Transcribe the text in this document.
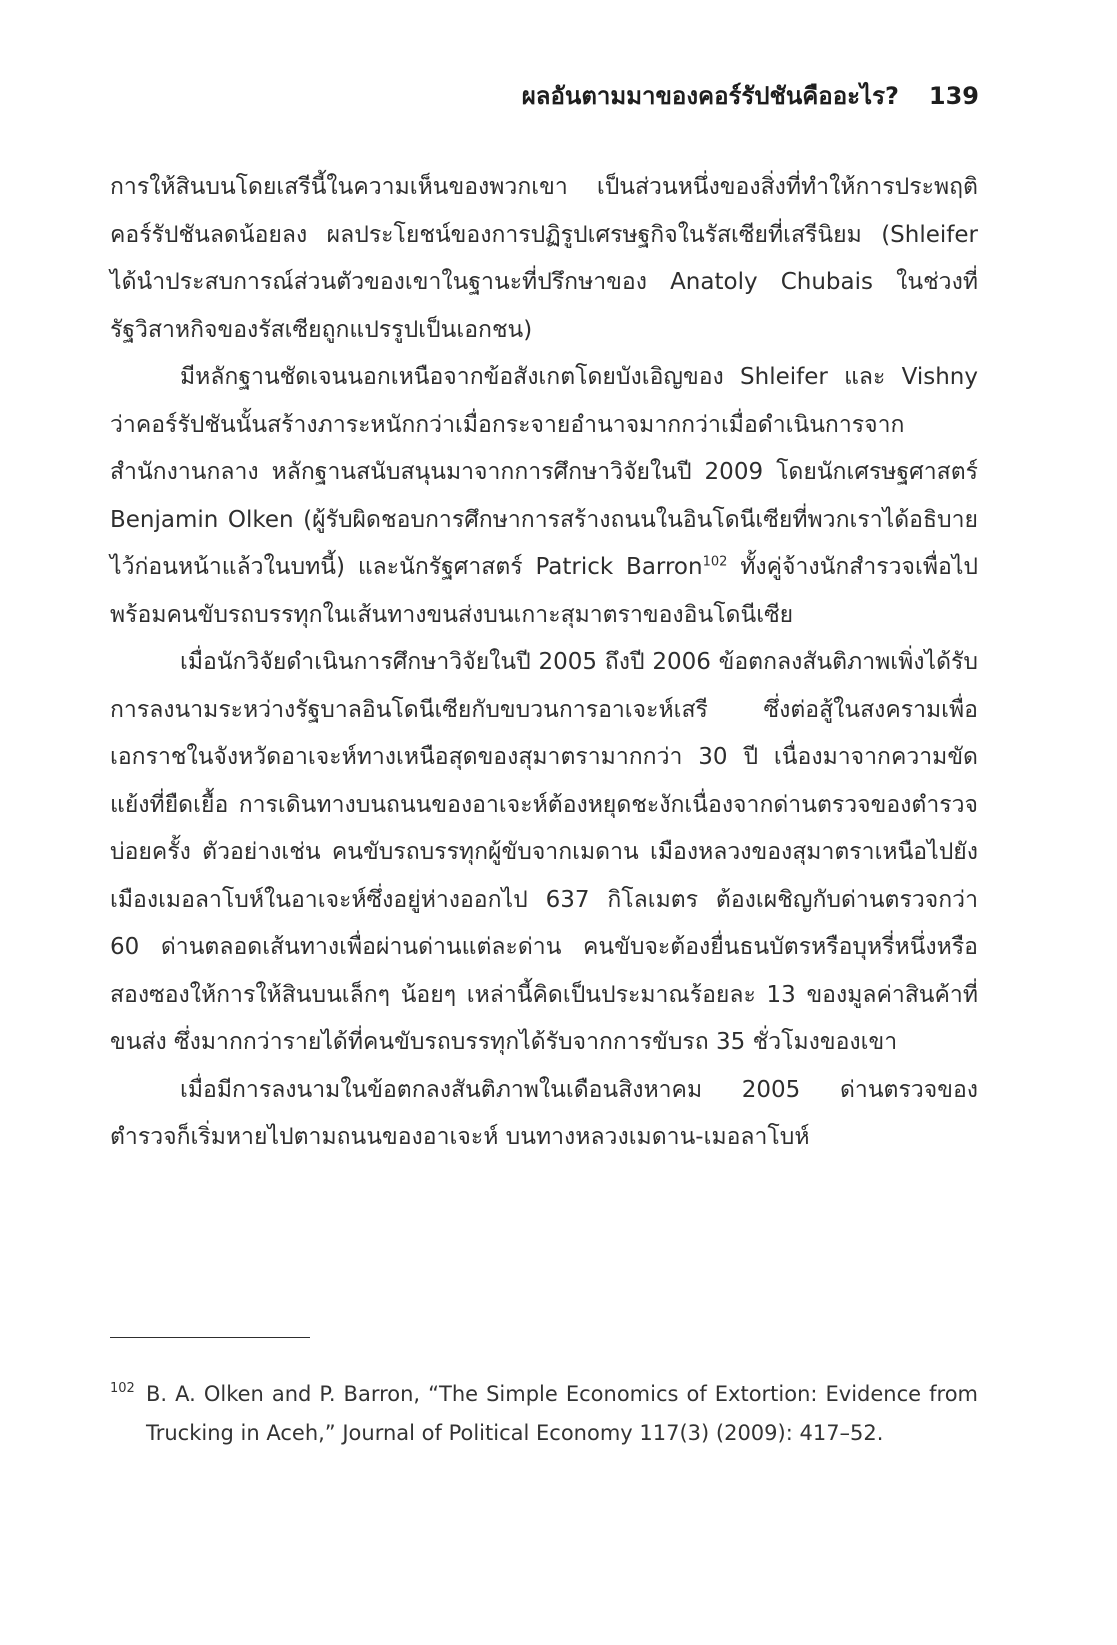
ผลอันตามมาของคอร์รัปชันคืออะไร? 139

การให้สินบนโดยเสรีนี้ในความเห็นของพวกเขา เป็นส่วนหนึ่งของสิ่งที่ทำให้การประพฤติคอร์รัปชันลดน้อยลง ผลประโยชน์ของการปฏิรูปเศรษฐกิจในรัสเซียที่เสรีนิยม (Shleifer ได้นำประสบการณ์ส่วนตัวของเขาในฐานะที่ปรึกษาของ Anatoly Chubais ในช่วงที่รัฐวิสาหกิจของรัสเซียถูกแปรรูปเป็นเอกชน)

มีหลักฐานชัดเจนนอกเหนือจากข้อสังเกตโดยบังเอิญของ Shleifer และ Vishny ว่าคอร์รัปชันนั้นสร้างภาระหนักกว่าเมื่อกระจายอำนาจมากกว่าเมื่อดำเนินการจากสำนักงานกลาง หลักฐานสนับสนุนมาจากการศึกษาวิจัยในปี 2009 โดยนักเศรษฐศาสตร์ Benjamin Olken (ผู้รับผิดชอบการศึกษาการสร้างถนนในอินโดนีเซียที่พวกเราได้อธิบายไว้ก่อนหน้าแล้วในบทนี้) และนักรัฐศาสตร์ Patrick Barron$^{102}$ ทั้งคู่จ้างนักสำรวจเพื่อไปพร้อมคนขับรถบรรทุกในเส้นทางขนส่งบนเกาะสุมาตราของอินโดนีเซีย

เมื่อนักวิจัยดำเนินการศึกษาวิจัยในปี 2005 ถึงปี 2006 ข้อตกลงสันติภาพเพิ่งได้รับการลงนามระหว่างรัฐบาลอินโดนีเซียกับขบวนการอาเจะห์เสรี ซึ่งต่อสู้ในสงครามเพื่อเอกราชในจังหวัดอาเจะห์ทางเหนือสุดของสุมาตรามากกว่า 30 ปี เนื่องมาจากความขัดแย้งที่ยืดเยื้อ การเดินทางบนถนนของอาเจะห์ต้องหยุดชะงักเนื่องจากด่านตรวจของตำรวจบ่อยครั้ง ตัวอย่างเช่น คนขับรถบรรทุกผู้ขับจากเมดาน เมืองหลวงของสุมาตราเหนือไปยังเมืองเมอลาโบห์ในอาเจะห์ซึ่งอยู่ห่างออกไป 637 กิโลเมตร ต้องเผชิญกับด่านตรวจกว่า 60 ด่านตลอดเส้นทางเพื่อผ่านด่านแต่ละด่าน คนขับจะต้องยื่นธนบัตรหรือบุหรี่หนึ่งหรือสองซองให้การให้สินบนเล็กๆ น้อยๆ เหล่านี้คิดเป็นประมาณร้อยละ 13 ของมูลค่าสินค้าที่ขนส่ง ซึ่งมากกว่ารายได้ที่คนขับรถบรรทุกได้รับจากการขับรถ 35 ชั่วโมงของเขา

เมื่อมีการลงนามในข้อตกลงสันติภาพในเดือนสิงหาคม 2005 ด่านตรวจของตำรวจก็เริ่มหายไปตามถนนของอาเจะห์ บนทางหลวงเมดาน-เมอลาโบห์

102 B. A. Olken and P. Barron, “The Simple Economics of Extortion: Evidence from Trucking in Aceh,” Journal of Political Economy 117(3) (2009): 417–52.
